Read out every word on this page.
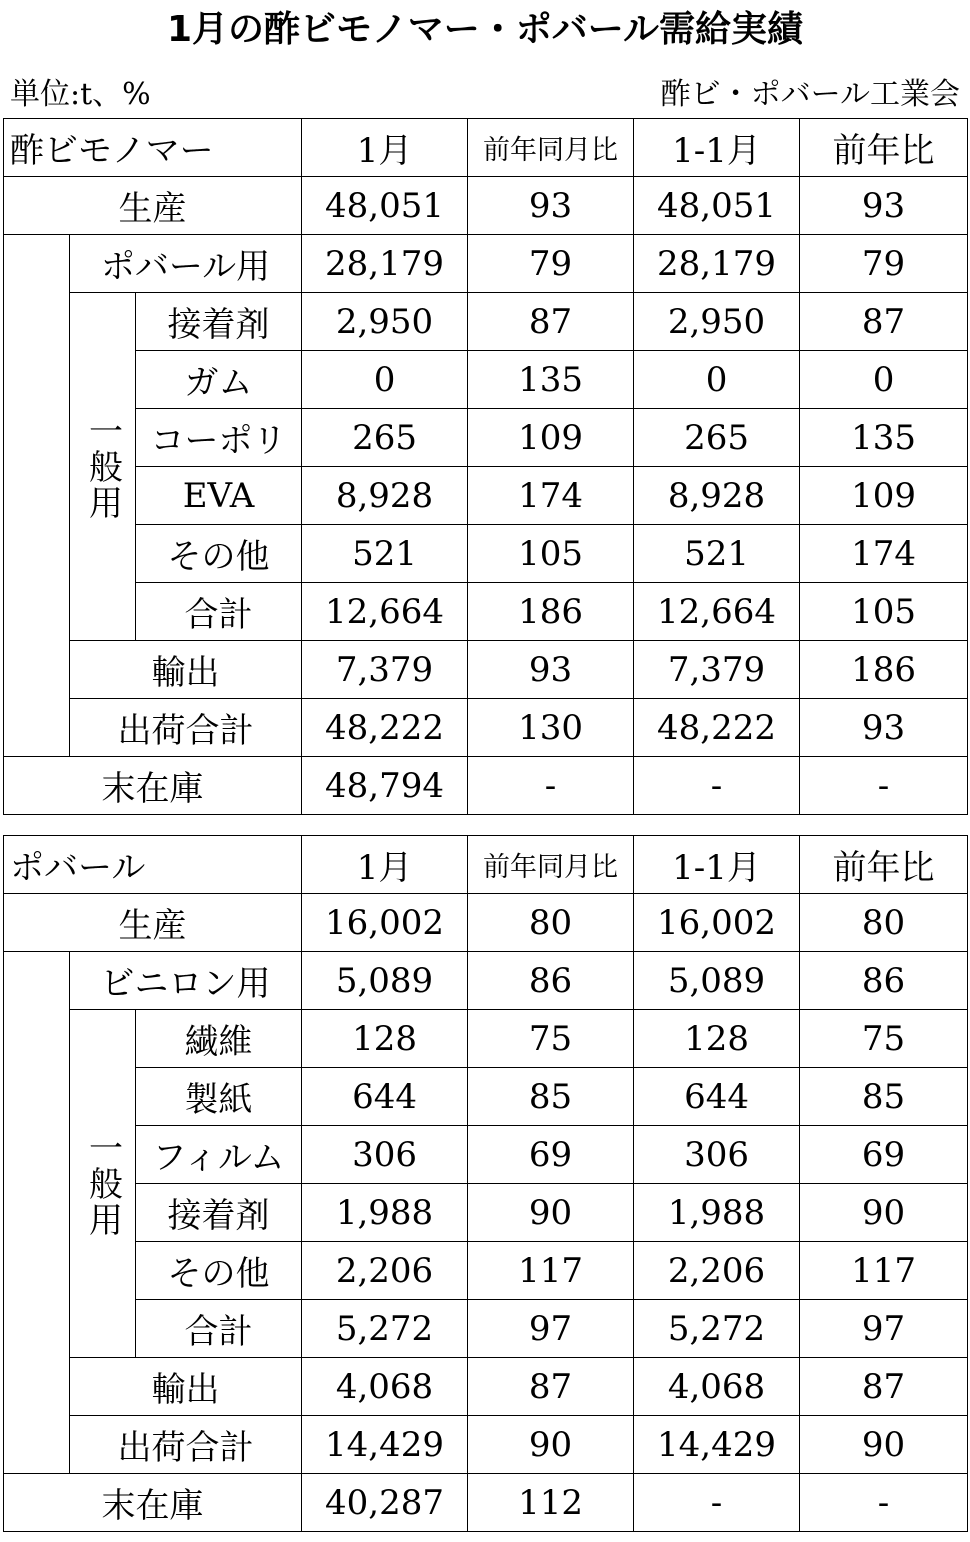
1月の酢ビモノマー・ポバール需給実績
単位:t、%	酢ビ・ポバール工業会
酢ビモノマー			1月	前年同月比	1-1月	前年比
生産			48,051	93	48,051	93
	ポバール用		28,179	79	28,179	79

	一般用	接着剤	2,950	87	2,950	87
		ガム	0	135	0	0
		コーポリ	265	109	265	135
		EVA	8,928	174	8,928	109
		その他	521	105	521	174
		合計	12,664	186	12,664	105
	輸出		7,379	93	7,379	186
	出荷合計		48,222	130	48,222	93
末在庫			48,794	-	-	-
ポバール			1月	前年同月比	1-1月	前年比
生産			16,002	80	16,002	80
	ビニロン用		5,089	86	5,089	86

	一般用	繊維	128	75	128	75
		製紙	644	85	644	85
		フィルム	306	69	306	69
		接着剤	1,988	90	1,988	90
		その他	2,206	117	2,206	117
		合計	5,272	97	5,272	97
	輸出		4,068	87	4,068	87
	出荷合計		14,429	90	14,429	90
末在庫			40,287	112	-	-
